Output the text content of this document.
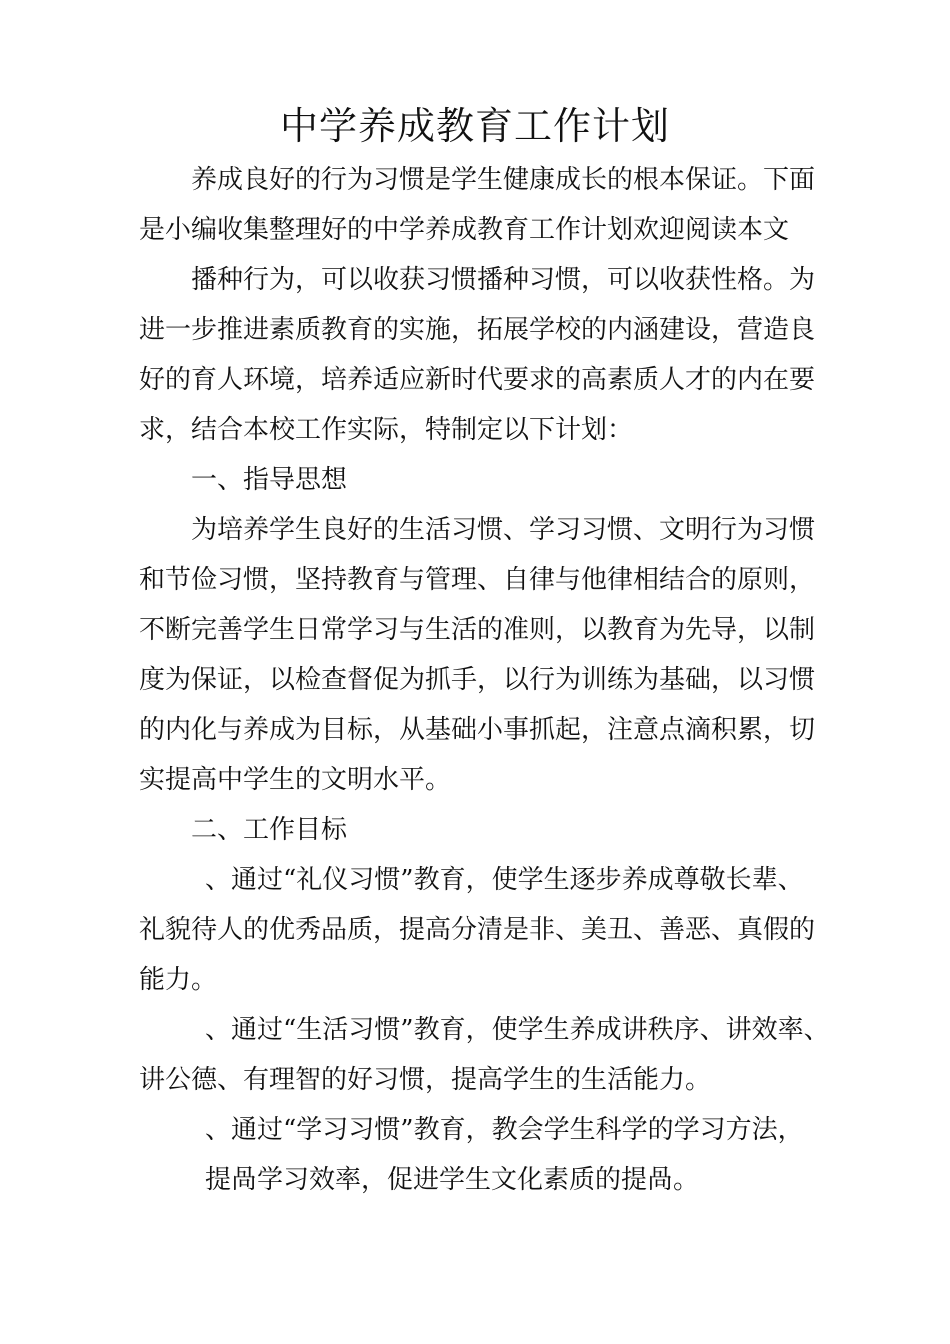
中学养成教育工作计划
养成良好的行为习惯是学生健康成长的根本保证。下面
是小编收集整理好的中学养成教育工作计划欢迎阅读本文
播种行为，可以收获习惯播种习惯，可以收获性格。为
进一步推进素质教育的实施，拓展学校的内涵建设，营造良
好的育人环境，培养适应新时代要求的高素质人才的内在要
求，结合本校工作实际，特制定以下计划：
一、指导思想
为培养学生良好的生活习惯、学习习惯、文明行为习惯
和节俭习惯，坚持教育与管理、自律与他律相结合的原则，
不断完善学生日常学习与生活的准则，以教育为先导，以制
度为保证，以检查督促为抓手，以行为训练为基础，以习惯
的内化与养成为目标，从基础小事抓起，注意点滴积累，切
实提高中学生的文明水平。
二、工作目标
、通过“礼仪习惯”教育，使学生逐步养成尊敬长辈、
礼貌待人的优秀品质，提高分清是非、美丑、善恶、真假的
能力。
、通过“生活习惯”教育，使学生养成讲秩序、讲效率、
讲公德、有理智的好习惯，提高学生的生活能力。
、通过“学习习惯”教育，教会学生科学的学习方法，
提咼学习效率，促进学生文化素质的提咼。
